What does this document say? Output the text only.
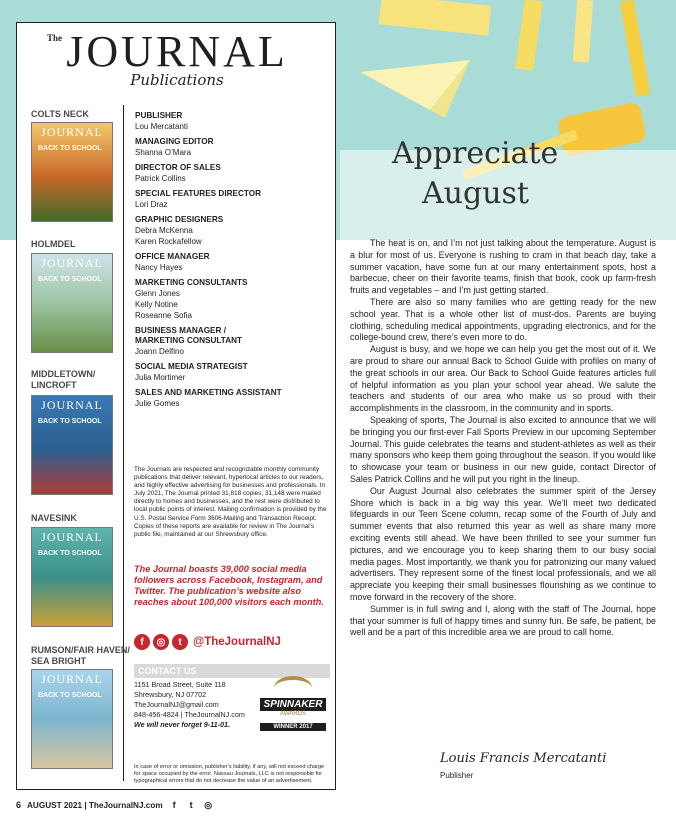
The JOURNAL
Publications
COLTS NECK
JOURNAL
BACK TO SCHOOL
HOLMDEL
JOURNAL
BACK TO SCHOOL
MIDDLETOWN/
LINCROFT
JOURNAL
BACK TO SCHOOL
NAVESINK
JOURNAL
BACK TO SCHOOL
RUMSON/FAIR HAVEN/
SEA BRIGHT
JOURNAL
BACK TO SCHOOL
PUBLISHER
Lou Mercatanti
MANAGING EDITOR
Shanna O’Mara
DIRECTOR OF SALES
Patrick Collins
SPECIAL FEATURES DIRECTOR
Lori Draz
GRAPHIC DESIGNERS
Debra McKenna
Karen Rockafellow
OFFICE MANAGER
Nancy Hayes
MARKETING CONSULTANTS
Glenn Jones
Kelly Notine
Roseanne Sofia
BUSINESS MANAGER /
MARKETING CONSULTANT
Joann Delfino
SOCIAL MEDIA STRATEGIST
Julia Mortimer
SALES AND MARKETING ASSISTANT
Julie Gomes
The Journals are respected and recognizable monthly community publications that deliver relevant, hyperlocal articles to our readers, and highly effective advertising for businesses and professionals. In July 2021, The Journal printed 31,818 copies; 31,148 were mailed directly to homes and businesses, and the rest were distributed to local public points of interest. Mailing confirmation is provided by the U.S. Postal Service Form 3606-Mailing and Transaction Receipt. Copies of these reports are available for review in The Journal’s public file, maintained at our Shrewsbury office.
The Journal boasts 39,000 social media followers across Facebook, Instagram, and Twitter. The publication’s website also reaches about 100,000 visitors each month.
f	◎	t @TheJournalNJ
CONTACT US
1151 Broad Street, Suite 118
Shrewsbury, NJ 07702
TheJournalNJ@gmail.com
848-456-4824 | TheJournalNJ.com
We will never forget 9-11-01.
SPINNAKER
AWARDS
WINNER 2017
In case of error or omission, publisher’s liability, if any, will not exceed charge for space occupied by the error. Nassau Journals, LLC is not responsible for typographical errors that do not decrease the value of an advertisement.
Appreciate
August

The heat is on, and I’m not just talking about the temperature. August is a blur for most of us. Everyone is rushing to cram in that beach day, take a summer vacation, have some fun at our many entertainment spots, host a barbecue, cheer on their favorite teams, finish that book, cook up farm-fresh fruits and vegetables – and I’m just getting started.

There are also so many families who are getting ready for the new school year. That is a whole other list of must-dos. Parents are buying clothing, scheduling medical appointments, upgrading electronics, and for the college-bound crew, there’s even more to do.

August is busy, and we hope we can help you get the most out of it. We are proud to share our annual Back to School Guide with profiles on many of the great schools in our area. Our Back to School Guide features articles full of helpful information as you plan your school year ahead. We salute the teachers and students of our area who make us so proud with their accomplishments in the classroom, in the community and in sports.

Speaking of sports, The Journal is also excited to announce that we will be bringing you our first-ever Fall Sports Preview in our upcoming September Journal. This guide celebrates the teams and student-athletes as well as their many sponsors who keep them going throughout the season. If you would like to showcase your team or business in our new guide, contact Director of Sales Patrick Collins and he will put you right in the lineup.

Our August Journal also celebrates the summer spirit of the Jersey Shore which is back in a big way this year. We’ll meet two dedicated lifeguards in our Teen Scene column, recap some of the Fourth of July and summer events that also returned this year as well as share many more exciting events still ahead. We have been thrilled to see your summer fun pictures, and we encourage you to keep sharing them to our busy social media pages. Most importantly, we thank you for patronizing our many valued advertisers. They represent some of the finest local professionals, and we all appreciate you keeping their small businesses flourishing as we continue to move forward in the recovery of the shore.

Summer is in full swing and I, along with the staff of The Journal, hope that your summer is full of happy times and sunny fun. Be safe, be patient, be well and be a part of this incredible area we are proud to call home.

Louis Francis Mercatanti
Publisher
6 AUGUST 2021 | TheJournalNJ.com	f	t	◎
